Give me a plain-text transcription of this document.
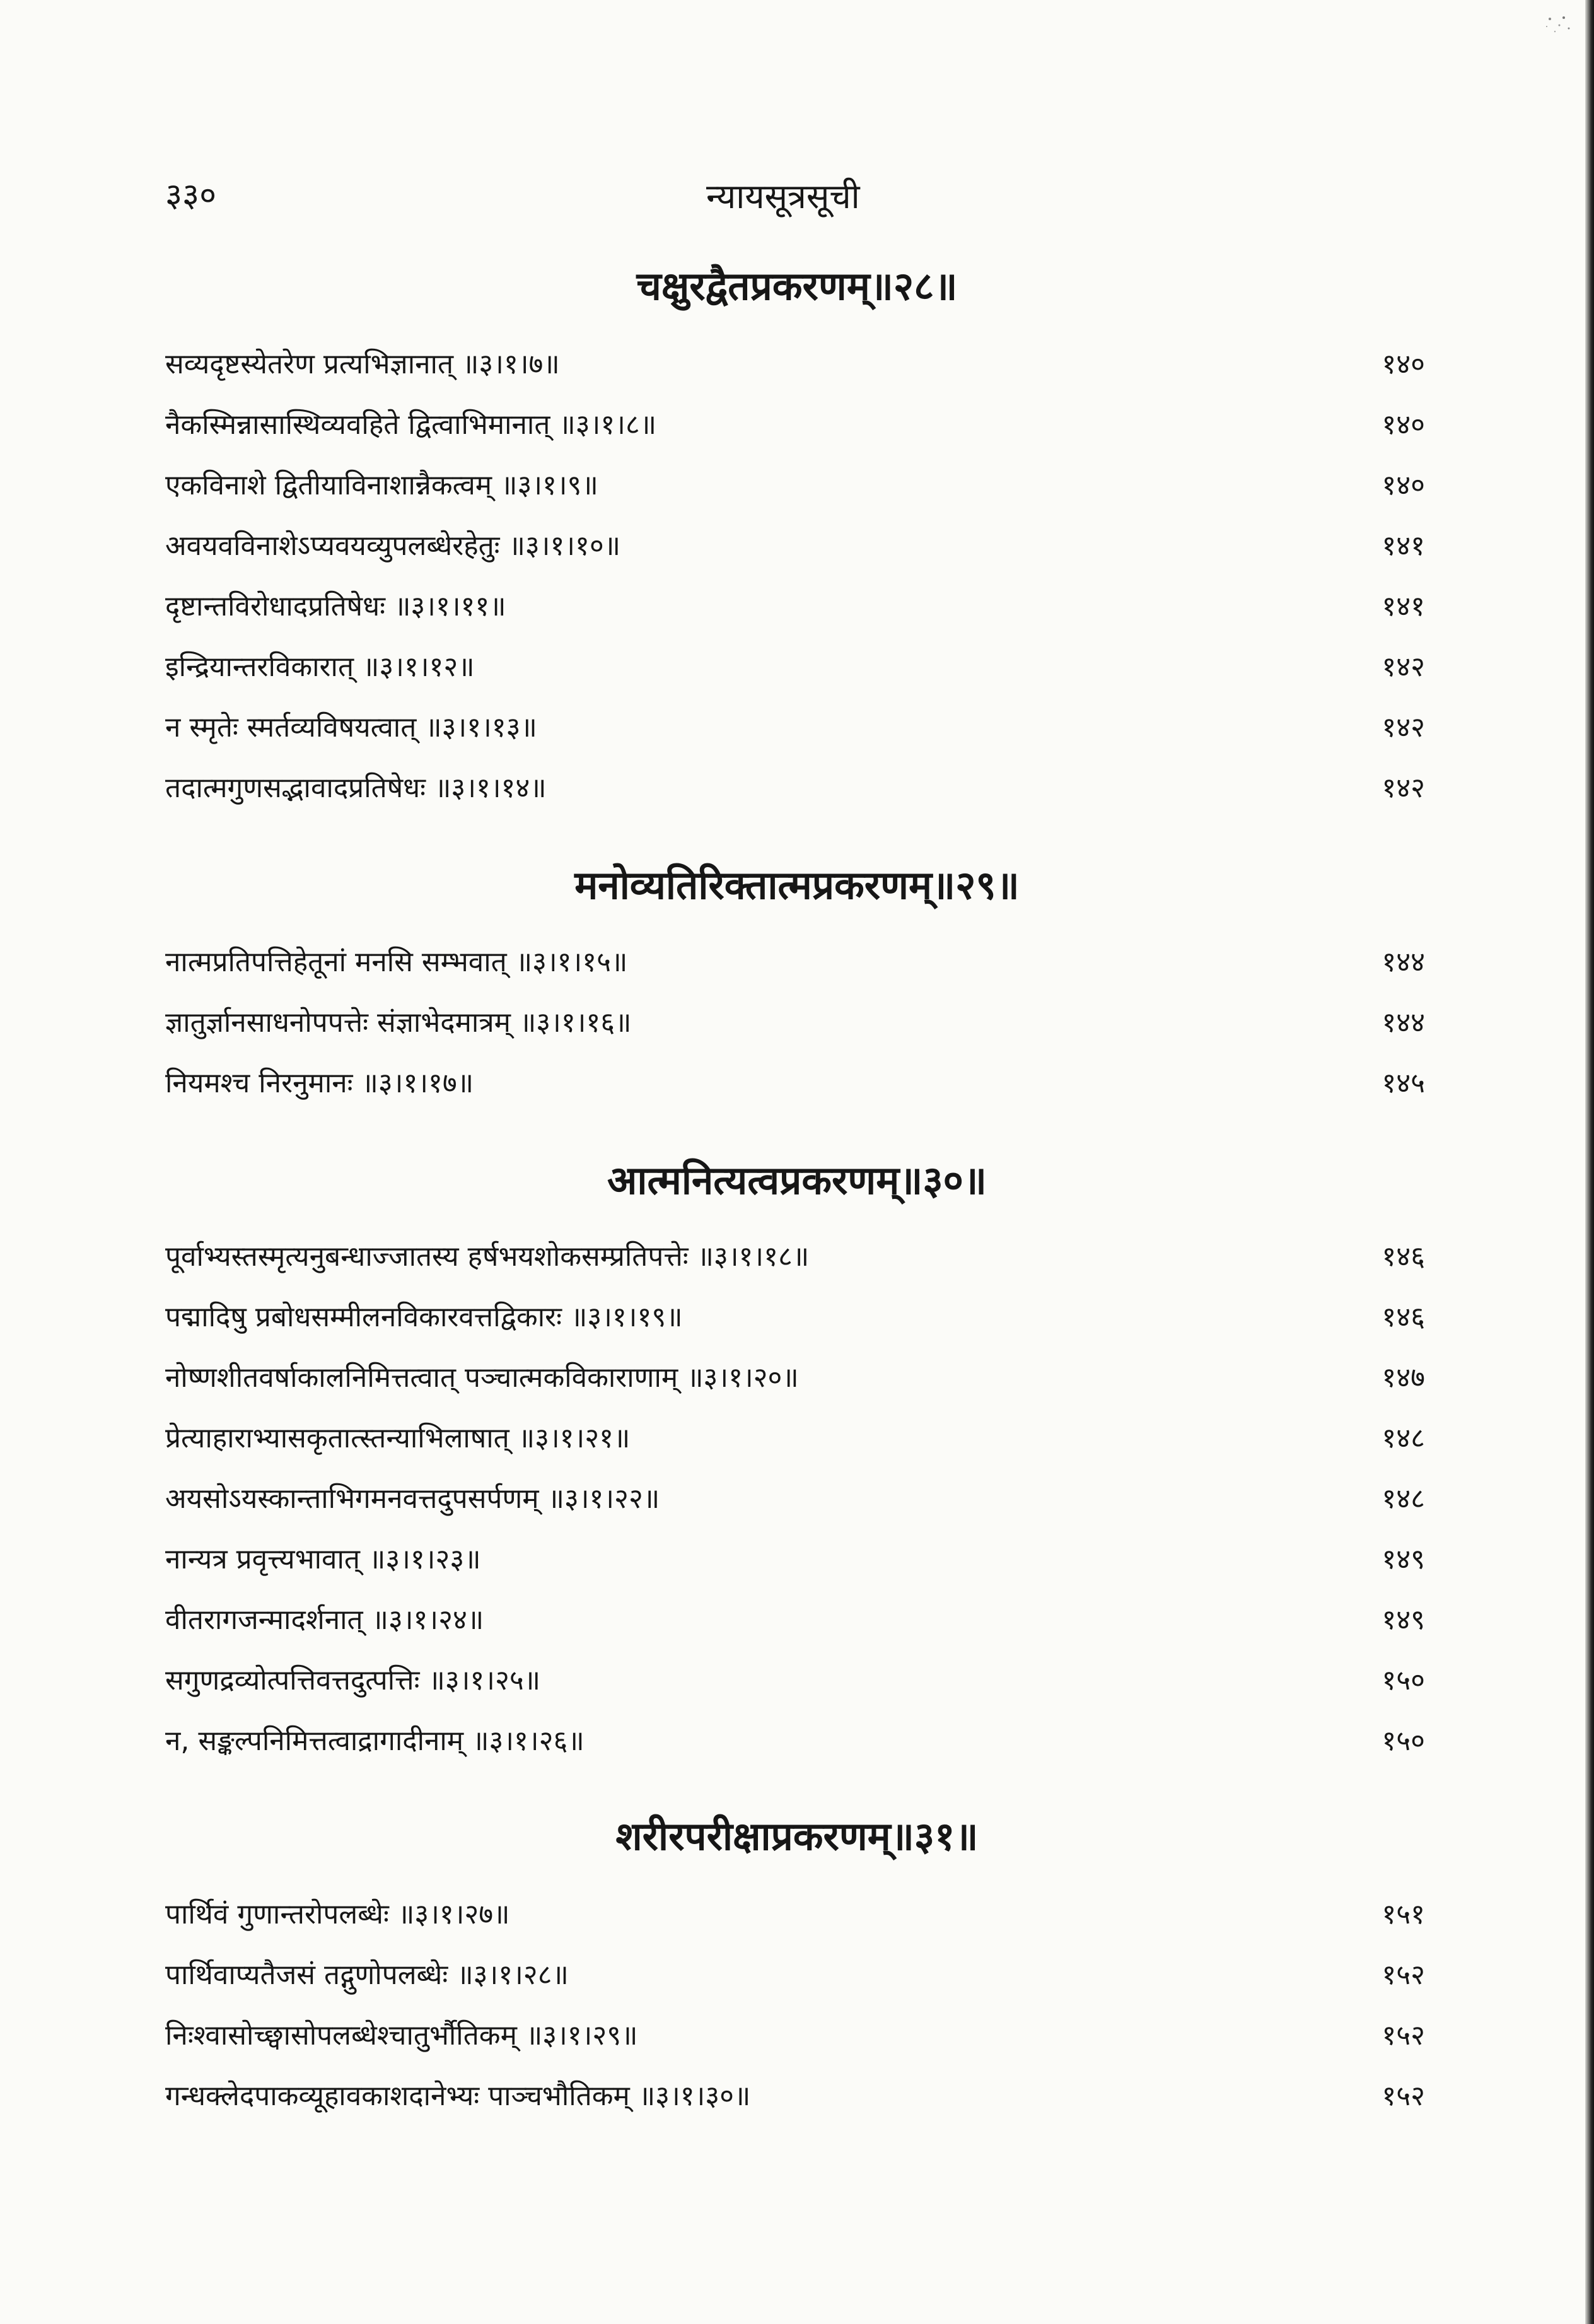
३३०	न्यायसूत्रसूची
चक्षुरद्वैतप्रकरणम्॥२८॥
सव्यदृष्टस्येतरेण प्रत्यभिज्ञानात् ॥३।१।७॥	१४०
नैकस्मिन्नासास्थिव्यवहिते द्वित्वाभिमानात् ॥३।१।८॥	१४०
एकविनाशे द्वितीयाविनाशान्नैकत्वम् ॥३।१।९॥	१४०
अवयवविनाशेऽप्यवयव्युपलब्धेरहेतुः ॥३।१।१०॥	१४१
दृष्टान्तविरोधादप्रतिषेधः ॥३।१।११॥	१४१
इन्द्रियान्तरविकारात् ॥३।१।१२॥	१४२
न स्मृतेः स्मर्तव्यविषयत्वात् ॥३।१।१३॥	१४२
तदात्मगुणसद्भावादप्रतिषेधः ॥३।१।१४॥	१४२
मनोव्यतिरिक्तात्मप्रकरणम्॥२९॥
नात्मप्रतिपत्तिहेतूनां मनसि सम्भवात् ॥३।१।१५॥	१४४
ज्ञातुर्ज्ञानसाधनोपपत्तेः संज्ञाभेदमात्रम् ॥३।१।१६॥	१४४
नियमश्च निरनुमानः ॥३।१।१७॥	१४५
आत्मनित्यत्वप्रकरणम्॥३०॥
पूर्वाभ्यस्तस्मृत्यनुबन्धाज्जातस्य हर्षभयशोकसम्प्रतिपत्तेः ॥३।१।१८॥	१४६
पद्मादिषु प्रबोधसम्मीलनविकारवत्तद्विकारः ॥३।१।१९॥	१४६
नोष्णशीतवर्षाकालनिमित्तत्वात् पञ्चात्मकविकाराणाम् ॥३।१।२०॥	१४७
प्रेत्याहाराभ्यासकृतात्स्तन्याभिलाषात् ॥३।१।२१॥	१४८
अयसोऽयस्कान्ताभिगमनवत्तदुपसर्पणम् ॥३।१।२२॥	१४८
नान्यत्र प्रवृत्त्यभावात् ॥३।१।२३॥	१४९
वीतरागजन्मादर्शनात् ॥३।१।२४॥	१४९
सगुणद्रव्योत्पत्तिवत्तदुत्पत्तिः ॥३।१।२५॥	१५०
न, सङ्कल्पनिमित्तत्वाद्रागादीनाम् ॥३।१।२६॥	१५०
शरीरपरीक्षाप्रकरणम्॥३१॥
पार्थिवं गुणान्तरोपलब्धेः ॥३।१।२७॥	१५१
पार्थिवाप्यतैजसं तद्गुणोपलब्धेः ॥३।१।२८॥	१५२
निःश्वासोच्छ्वासोपलब्धेश्चातुर्भौतिकम् ॥३।१।२९॥	१५२
गन्धक्लेदपाकव्यूहावकाशदानेभ्यः पाञ्चभौतिकम् ॥३।१।३०॥	१५२
